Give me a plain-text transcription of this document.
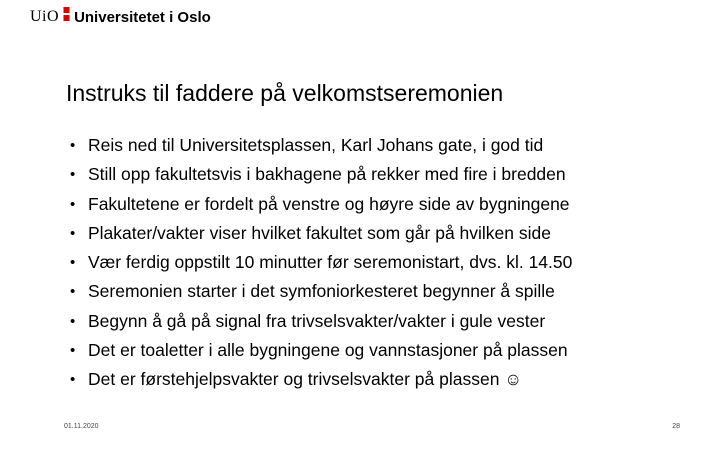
UiO Universitetet i Oslo
Instruks til faddere på velkomstseremonien
• Reis ned til Universitetsplassen, Karl Johans gate, i god tid
• Still opp fakultetsvis i bakhagene på rekker med fire i bredden
• Fakultetene er fordelt på venstre og høyre side av bygningene
• Plakater/vakter viser hvilket fakultet som går på hvilken side
• Vær ferdig oppstilt 10 minutter før seremonistart, dvs. kl. 14.50
• Seremonien starter i det symfoniorkesteret begynner å spille
• Begynn å gå på signal fra trivselsvakter/vakter i gule vester
• Det er toaletter i alle bygningene og vannstasjoner på plassen
• Det er førstehjelpsvakter og trivselsvakter på plassen ☺
01.11.2020	28
